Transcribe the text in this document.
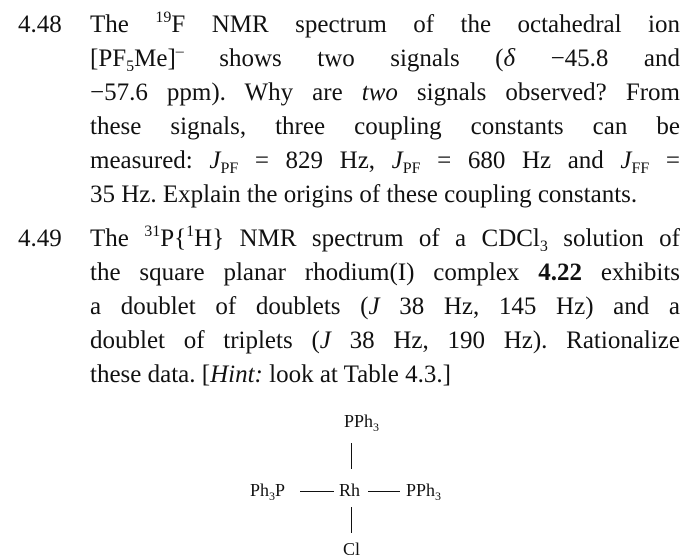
4.48 The $^{19}$F NMR spectrum of the octahedral ion
$[PF_5Me]^-$ shows two signals (δ −45.8 and
−57.6 ppm). Why are two signals observed? From
these signals, three coupling constants can be
measured: $J_{PF} = 829$ Hz, $J_{PF} = 680$ Hz and $J_{FF}$ =
35 Hz. Explain the origins of these coupling constants.
4.49 The $^{31}$P{$^1$H} NMR spectrum of a CDCl$_3$ solution of
the square planar rhodium(I) complex 4.22 exhibits
a doublet of doublets (J 38 Hz, 145 Hz) and a
doublet of triplets (J 38 Hz, 190 Hz). Rationalize
these data. [Hint: look at Table 4.3.]
PPh$_3$
$Ph_3P$	Rh	PPh$_3$
Cl
